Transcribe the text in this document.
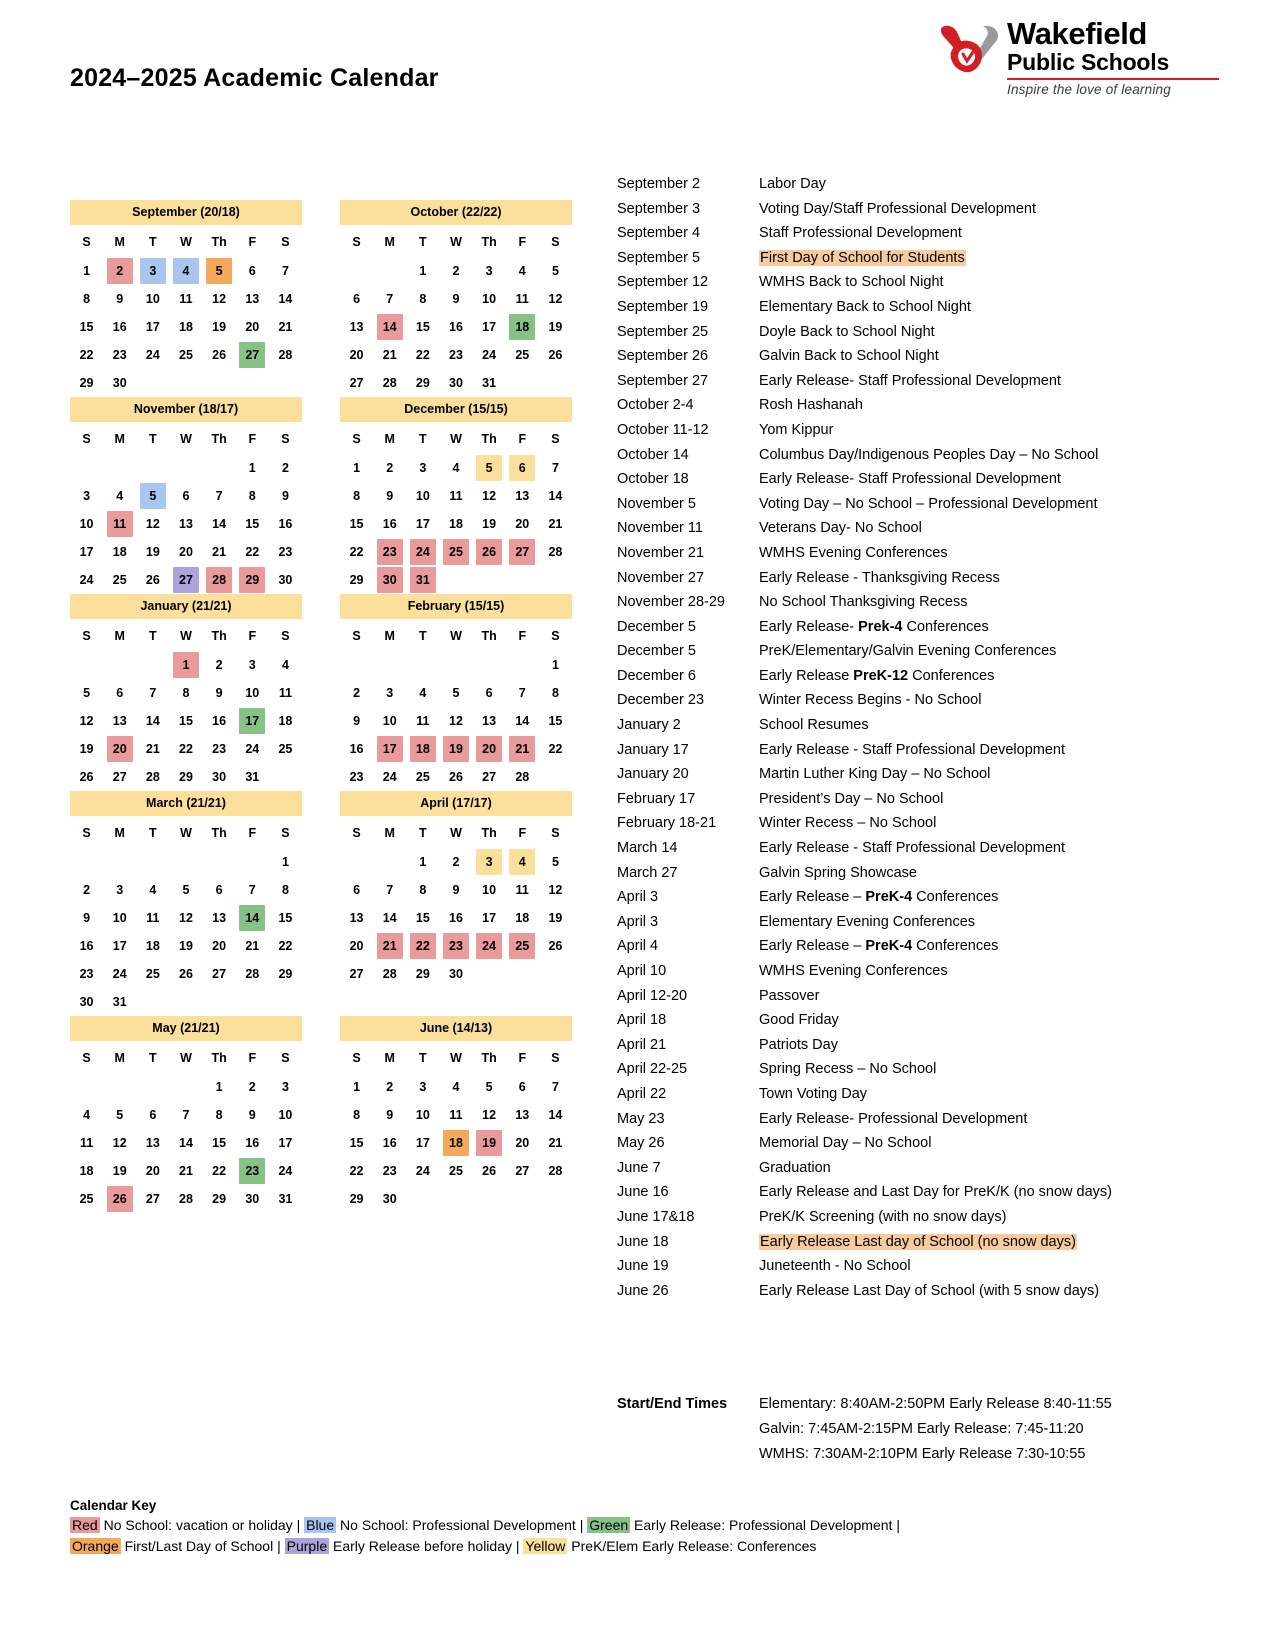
2024–2025 Academic Calendar
Wakefield
Public Schools
Inspire the love of learning
September (20/18)
S	M	T	W	Th	F	S
1	2	3	4	5	6	7
8	9	10	11	12	13	14
15	16	17	18	19	20	21
22	23	24	25	26	27	28
29	30					
October (22/22)
S	M	T	W	Th	F	S
		1	2	3	4	5
6	7	8	9	10	11	12
13	14	15	16	17	18	19
20	21	22	23	24	25	26
27	28	29	30	31		
November (18/17)
S	M	T	W	Th	F	S
					1	2
3	4	5	6	7	8	9
10	11	12	13	14	15	16
17	18	19	20	21	22	23
24	25	26	27	28	29	30
December (15/15)
S	M	T	W	Th	F	S
1	2	3	4	5	6	7
8	9	10	11	12	13	14
15	16	17	18	19	20	21
22	23	24	25	26	27	28
29	30	31				
January (21/21)
S	M	T	W	Th	F	S
			1	2	3	4
5	6	7	8	9	10	11
12	13	14	15	16	17	18
19	20	21	22	23	24	25
26	27	28	29	30	31	
February (15/15)
S	M	T	W	Th	F	S
						1
2	3	4	5	6	7	8
9	10	11	12	13	14	15
16	17	18	19	20	21	22
23	24	25	26	27	28	
March (21/21)
S	M	T	W	Th	F	S
						1
2	3	4	5	6	7	8
9	10	11	12	13	14	15
16	17	18	19	20	21	22
23	24	25	26	27	28	29
30	31					
April (17/17)
S	M	T	W	Th	F	S
		1	2	3	4	5
6	7	8	9	10	11	12
13	14	15	16	17	18	19
20	21	22	23	24	25	26
27	28	29	30			
May (21/21)
S	M	T	W	Th	F	S
				1	2	3
4	5	6	7	8	9	10
11	12	13	14	15	16	17
18	19	20	21	22	23	24
25	26	27	28	29	30	31
June (14/13)
S	M	T	W	Th	F	S
1	2	3	4	5	6	7
8	9	10	11	12	13	14
15	16	17	18	19	20	21
22	23	24	25	26	27	28
29	30					
September 2	Labor Day
September 3	Voting Day/Staff Professional Development
September 4	Staff Professional Development
September 5	First Day of School for Students
September 12	WMHS Back to School Night
September 19	Elementary Back to School Night
September 25	Doyle Back to School Night
September 26	Galvin Back to School Night
September 27	Early Release- Staff Professional Development
October 2-4	Rosh Hashanah
October 11-12	Yom Kippur
October 14	Columbus Day/Indigenous Peoples Day – No School
October 18	Early Release- Staff Professional Development
November 5	Voting Day – No School – Professional Development
November 11	Veterans Day- No School
November 21	WMHS Evening Conferences
November 27	Early Release - Thanksgiving Recess
November 28-29	No School Thanksgiving Recess
December 5	Early Release- Prek-4 Conferences
December 5	PreK/Elementary/Galvin Evening Conferences
December 6	Early Release PreK-12 Conferences
December 23	Winter Recess Begins - No School
January 2	School Resumes
January 17	Early Release - Staff Professional Development
January 20	Martin Luther King Day – No School
February 17	President’s Day – No School
February 18-21	Winter Recess – No School
March 14	Early Release - Staff Professional Development
March 27	Galvin Spring Showcase
April 3	Early Release – PreK-4 Conferences
April 3	Elementary Evening Conferences
April 4	Early Release – PreK-4 Conferences
April 10	WMHS Evening Conferences
April 12-20	Passover
April 18	Good Friday
April 21	Patriots Day
April 22-25	Spring Recess – No School
April 22	Town Voting Day
May 23	Early Release- Professional Development
May 26	Memorial Day – No School
June 7	Graduation
June 16	Early Release and Last Day for PreK/K (no snow days)
June 17&18	PreK/K Screening (with no snow days)
June 18	Early Release Last day of School (no snow days)
June 19	Juneteenth - No School
June 26	Early Release Last Day of School (with 5 snow days)
Start/End Times	Elementary: 8:40AM-2:50PM Early Release 8:40-11:55
Galvin: 7:45AM-2:15PM Early Release: 7:45-11:20
WMHS: 7:30AM-2:10PM Early Release 7:30-10:55
Calendar Key
Red No School: vacation or holiday | Blue No School: Professional Development | Green Early Release: Professional Development |
Orange First/Last Day of School | Purple Early Release before holiday | Yellow PreK/Elem Early Release: Conferences
